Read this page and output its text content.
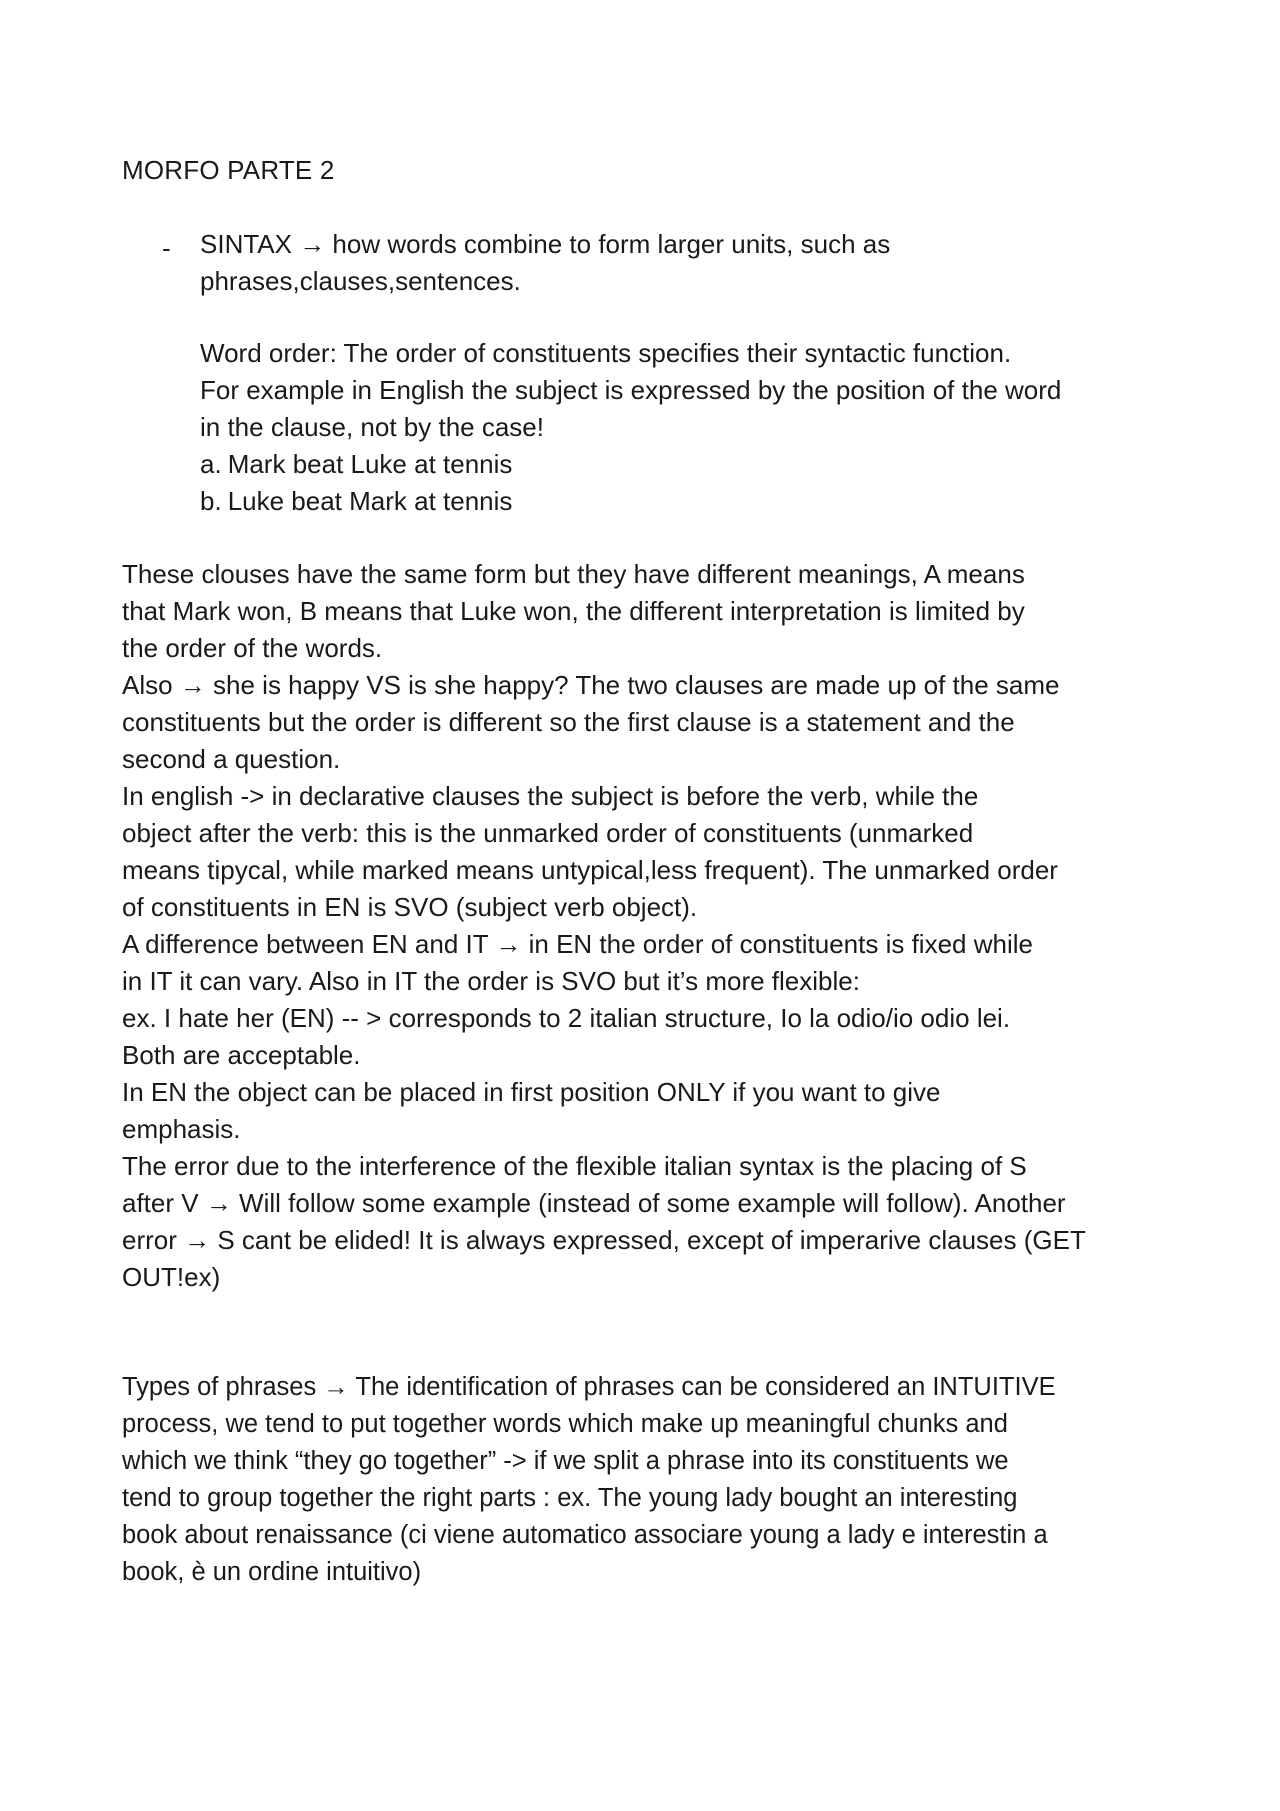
MORFO PARTE 2
- SINTAX → how words combine to form larger units, such as
phrases,clauses,sentences.
Word order: The order of constituents specifies their syntactic function.
For example in English the subject is expressed by the position of the word
in the clause, not by the case!
a. Mark beat Luke at tennis
b. Luke beat Mark at tennis
These clouses have the same form but they have different meanings, A means
that Mark won, B means that Luke won, the different interpretation is limited by
the order of the words.
Also → she is happy VS is she happy? The two clauses are made up of the same
constituents but the order is different so the first clause is a statement and the
second a question.
In english -> in declarative clauses the subject is before the verb, while the
object after the verb: this is the unmarked order of constituents (unmarked
means tipycal, while marked means untypical,less frequent). The unmarked order
of constituents in EN is SVO (subject verb object).
A difference between EN and IT → in EN the order of constituents is fixed while
in IT it can vary. Also in IT the order is SVO but it’s more flexible:
ex. I hate her (EN) -- > corresponds to 2 italian structure, Io la odio/io odio lei.
Both are acceptable.
In EN the object can be placed in first position ONLY if you want to give
emphasis.
The error due to the interference of the flexible italian syntax is the placing of S
after V → Will follow some example (instead of some example will follow). Another
error → S cant be elided! It is always expressed, except of imperarive clauses (GET
OUT!ex)
Types of phrases → The identification of phrases can be considered an INTUITIVE
process, we tend to put together words which make up meaningful chunks and
which we think “they go together” -> if we split a phrase into its constituents we
tend to group together the right parts : ex. The young lady bought an interesting
book about renaissance (ci viene automatico associare young a lady e interestin a
book, è un ordine intuitivo)
